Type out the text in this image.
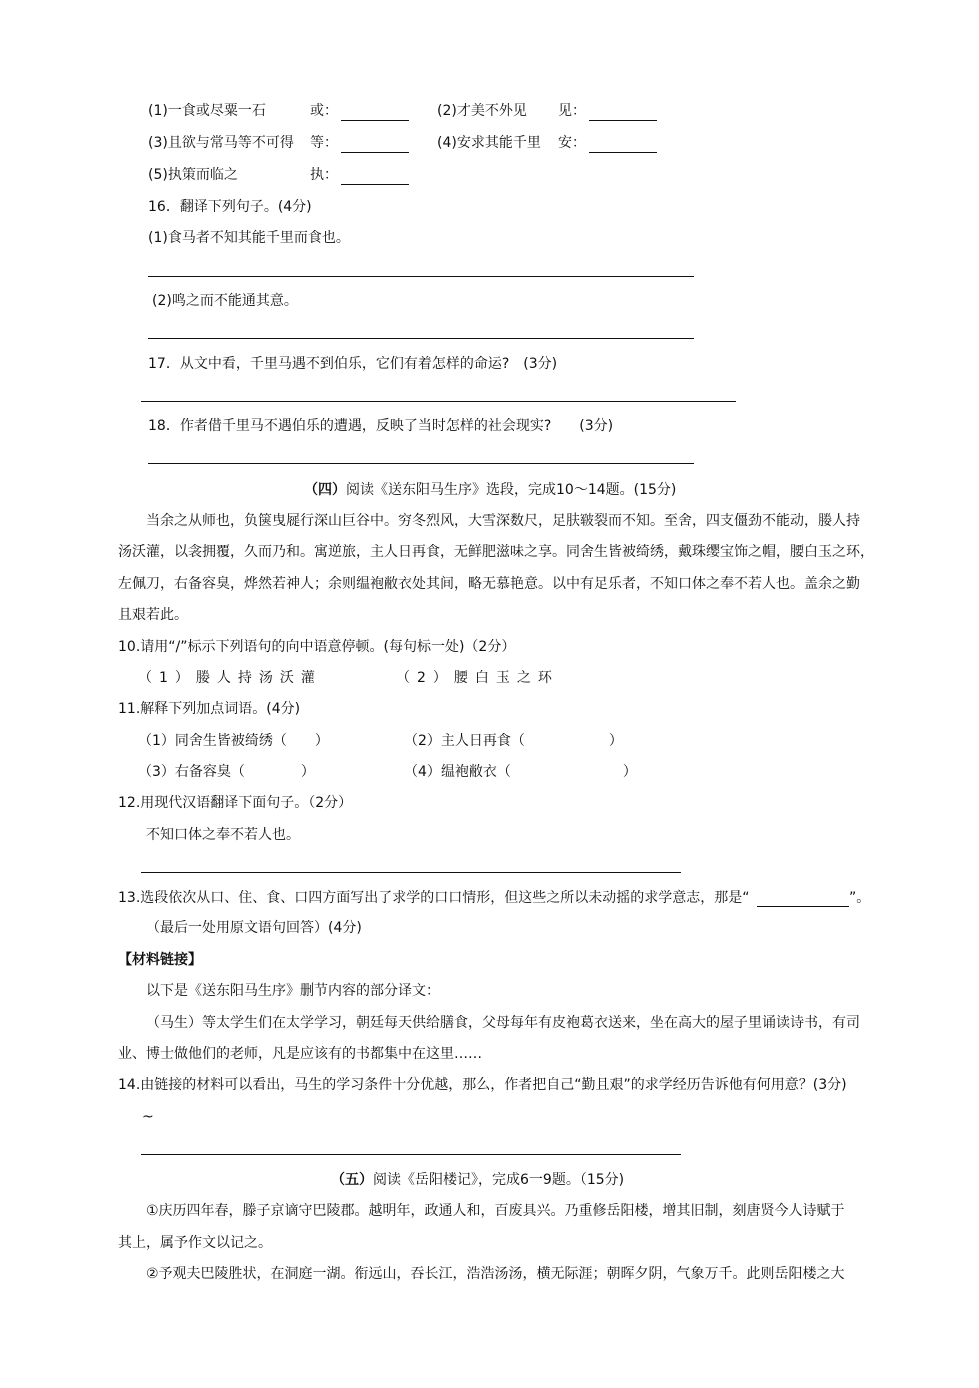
(1)一食或尽粟一石	或：	(2)才美不外见 见：
(3)且欲与常马等不可得 等：	(4)安求其能千里 安：
(5)执策而临之	执：
16．翻译下列句子。(4分)
(1)食马者不知其能千里而食也。
(2)鸣之而不能通其意。
17．从文中看，千里马遇不到伯乐，它们有着怎样的命运?　(3分)
18．作者借千里马不遇伯乐的遭遇，反映了当时怎样的社会现实?　　(3分)
（四）阅读《送东阳马生序》选段，完成10～14题。(15分)
当余之从师也，负箧曳屣行深山巨谷中。穷冬烈风，大雪深数尺，足肤皲裂而不知。至舍，四支僵劲不能动，媵人持
汤沃灌，以衾拥覆，久而乃和。寓逆旅，主人日再食，无鲜肥滋味之享。同舍生皆被绮绣，戴珠缨宝饰之帽，腰白玉之环，
左佩刀，右备容臭，烨然若神人；余则缊袍敝衣处其间，略无慕艳意。以中有足乐者，不知口体之奉不若人也。盖余之勤
且艰若此。
10.请用“/”标示下列语句的向中语意停顿。(每句标一处)（2分）
（1）媵人持汤沃灌	（2）腰白玉之环
11.解释下列加点词语。(4分)
（1）同舍生皆被绮绣（　　）	（2）主人日再食（　　　　　　）
（3）右备容臭（　　　　）	（4）缊袍敝衣（　　　　　　　　）
12.用现代汉语翻译下面句子。（2分）
不知口体之奉不若人也。
13.选段依次从口、住、食、口四方面写出了求学的口口情形，但这些之所以未动摇的求学意志，那是“	”。
（最后一处用原文语句回答）(4分)
【材料链接】
以下是《送东阳马生序》删节内容的部分译文：
（马生）等太学生们在太学学习，朝廷每天供给膳食，父母每年有皮袍葛衣送来，坐在高大的屋子里诵读诗书，有司
业、博士做他们的老师，凡是应该有的书都集中在这里……
14.由链接的材料可以看出，马生的学习条件十分优越，那么，作者把自己“勤且艰”的求学经历告诉他有何用意？(3分)
~
（五）阅读《岳阳楼记》，完成6一9题。（15分)
①庆历四年春，滕子京谪守巴陵郡。越明年，政通人和，百废具兴。乃重修岳阳楼，增其旧制，刻唐贤今人诗赋于
其上，属予作文以记之。
②予观夫巴陵胜状，在洞庭一湖。衔远山，吞长江，浩浩汤汤，横无际涯；朝晖夕阴，气象万千。此则岳阳楼之大
